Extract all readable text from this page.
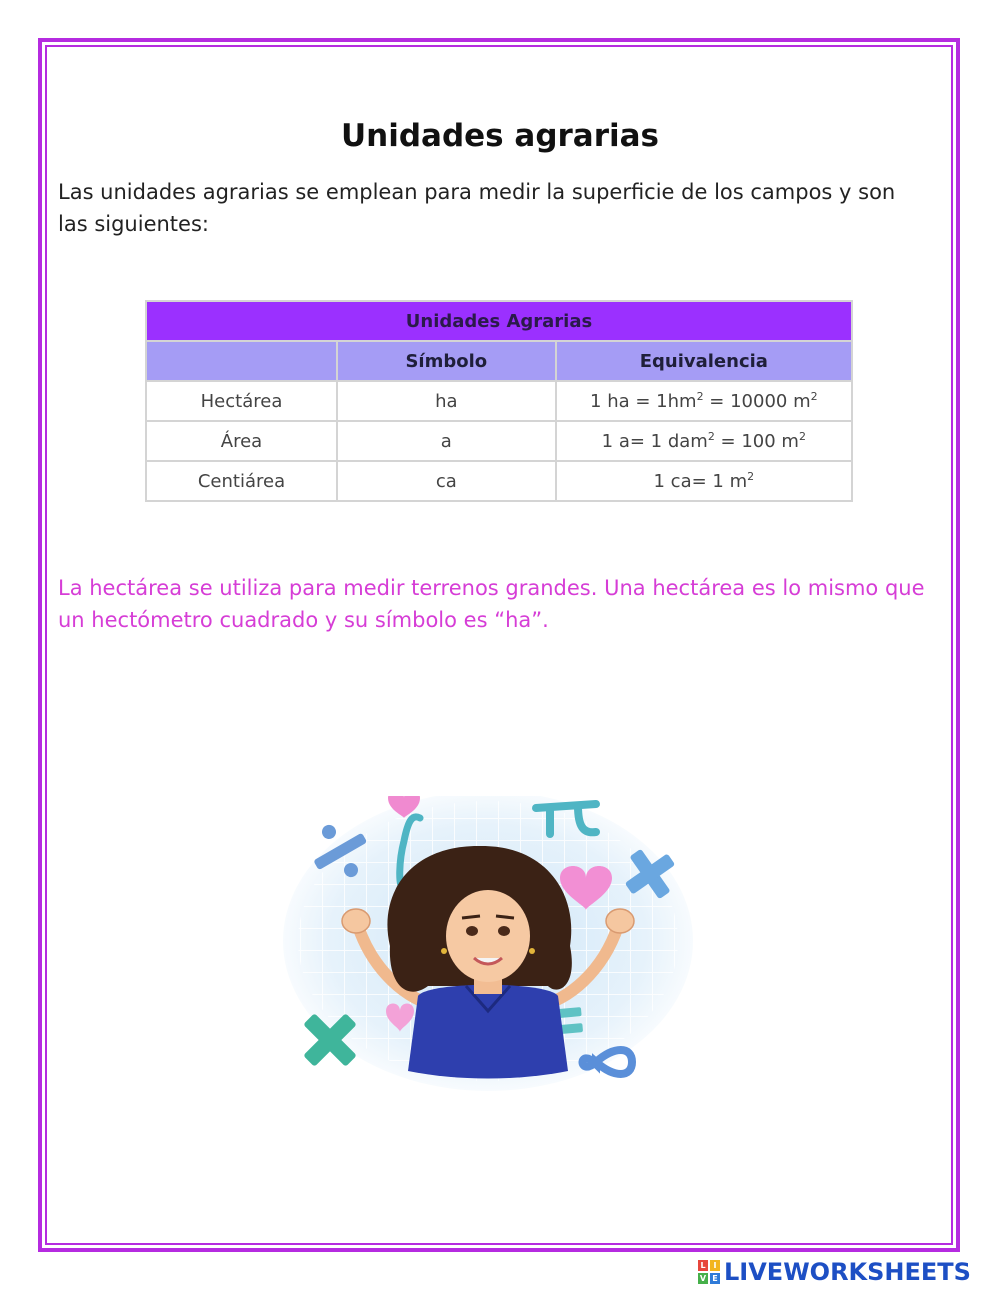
Unidades agrarias
Las unidades agrarias se emplean para medir la superficie de los campos y son las siguientes:
Unidades Agrarias		
	Símbolo	Equivalencia
Hectárea	ha	1 ha = $1hm^2 = 10000$ $m^2$
Área	a	1 a= 1 dam$^2$ = 100 $m^2$
Centiárea	ca	1 ca= 1 $m^2$
La hectárea se utiliza para medir terrenos grandes. Una hectárea es lo mismo que un hectómetro cuadrado y su símbolo es “ha”.
L I
V E LIVEWORKSHEETS
